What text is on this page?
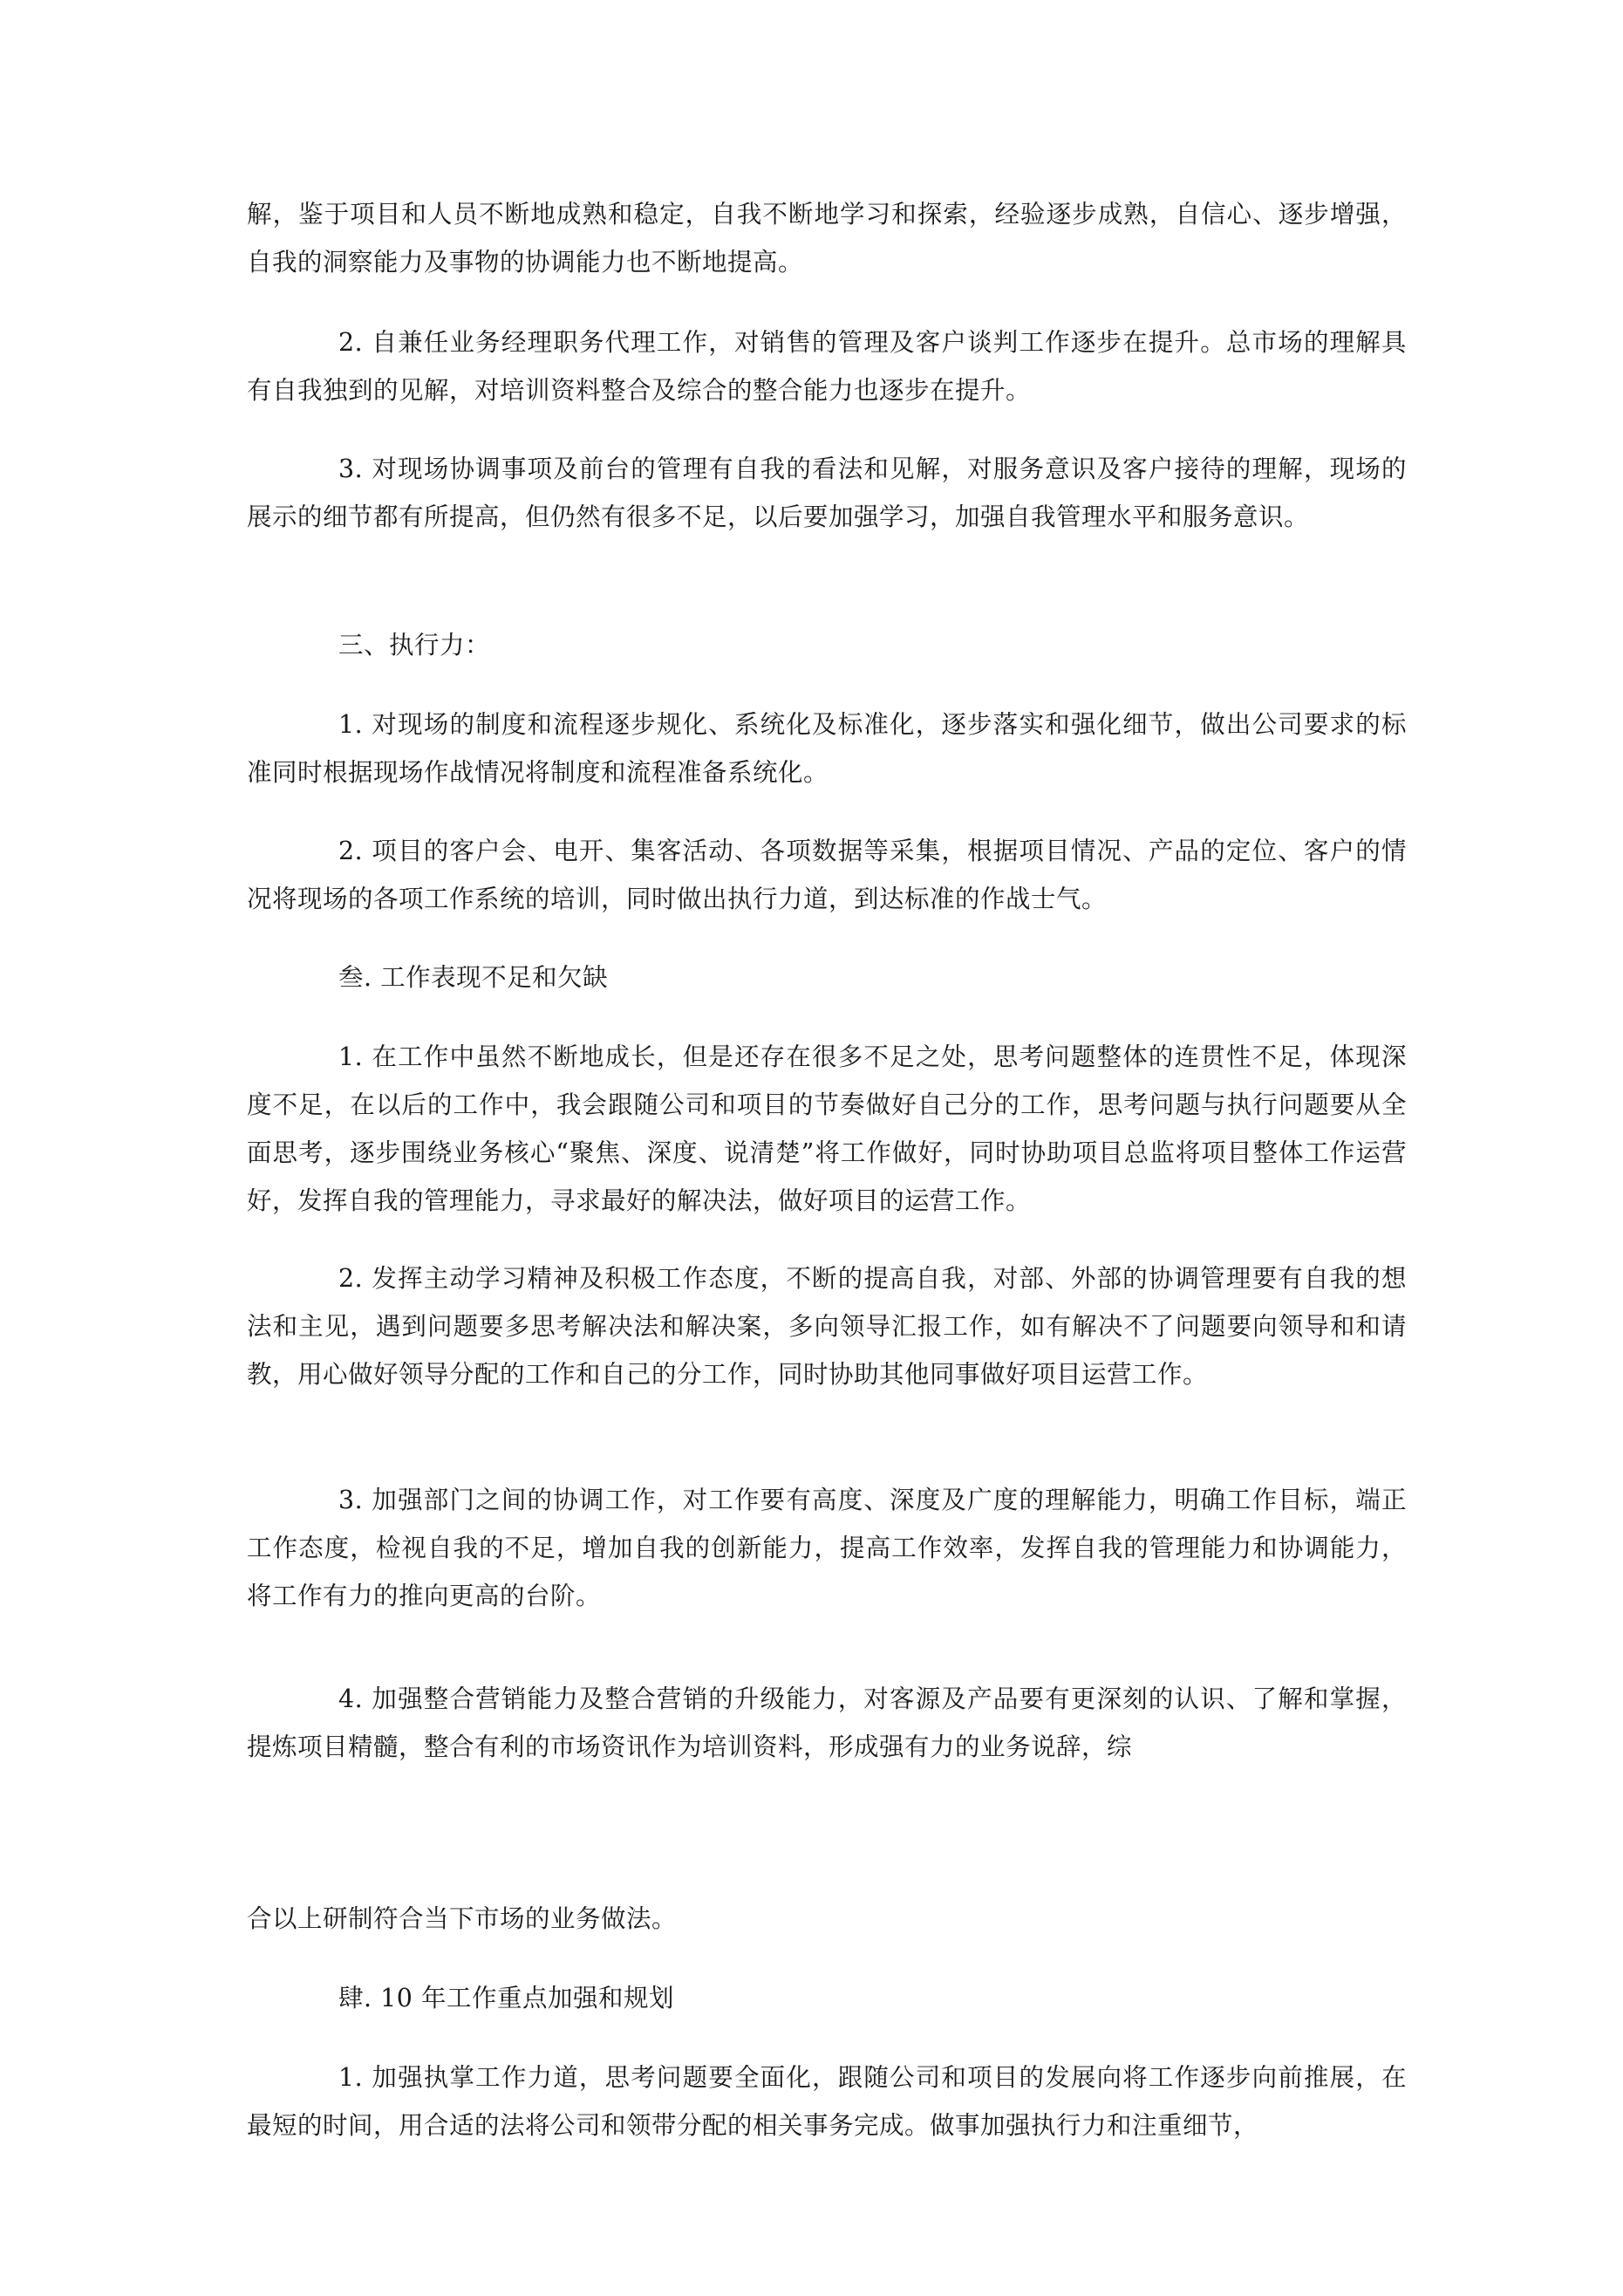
解，鉴于项目和人员不断地成熟和稳定，自我不断地学习和探索，经验逐步成熟，自信心、逐步增强，自我的洞察能力及事物的协调能力也不断地提高。

2. 自兼任业务经理职务代理工作，对销售的管理及客户谈判工作逐步在提升。总市场的理解具有自我独到的见解，对培训资料整合及综合的整合能力也逐步在提升。

3. 对现场协调事项及前台的管理有自我的看法和见解，对服务意识及客户接待的理解，现场的展示的细节都有所提高，但仍然有很多不足，以后要加强学习，加强自我管理水平和服务意识。

三、执行力：

1. 对现场的制度和流程逐步规化、系统化及标准化，逐步落实和强化细节，做出公司要求的标准同时根据现场作战情况将制度和流程准备系统化。

2. 项目的客户会、电开、集客活动、各项数据等采集，根据项目情况、产品的定位、客户的情况将现场的各项工作系统的培训，同时做出执行力道，到达标准的作战士气。

叁. 工作表现不足和欠缺

1. 在工作中虽然不断地成长，但是还存在很多不足之处，思考问题整体的连贯性不足，体现深度不足，在以后的工作中，我会跟随公司和项目的节奏做好自己分的工作，思考问题与执行问题要从全面思考，逐步围绕业务核心“聚焦、深度、说清楚”将工作做好，同时协助项目总监将项目整体工作运营好，发挥自我的管理能力，寻求最好的解决法，做好项目的运营工作。

2. 发挥主动学习精神及积极工作态度，不断的提高自我，对部、外部的协调管理要有自我的想法和主见，遇到问题要多思考解决法和解决案，多向领导汇报工作，如有解决不了问题要向领导和和请教，用心做好领导分配的工作和自己的分工作，同时协助其他同事做好项目运营工作。

3. 加强部门之间的协调工作，对工作要有高度、深度及广度的理解能力，明确工作目标，端正工作态度，检视自我的不足，增加自我的创新能力，提高工作效率，发挥自我的管理能力和协调能力，将工作有力的推向更高的台阶。

4. 加强整合营销能力及整合营销的升级能力，对客源及产品要有更深刻的认识、了解和掌握，提炼项目精髓，整合有利的市场资讯作为培训资料，形成强有力的业务说辞，综

合以上研制符合当下市场的业务做法。

肆. 10 年工作重点加强和规划

1. 加强执掌工作力道，思考问题要全面化，跟随公司和项目的发展向将工作逐步向前推展，在最短的时间，用合适的法将公司和领带分配的相关事务完成。做事加强执行力和注重细节，
